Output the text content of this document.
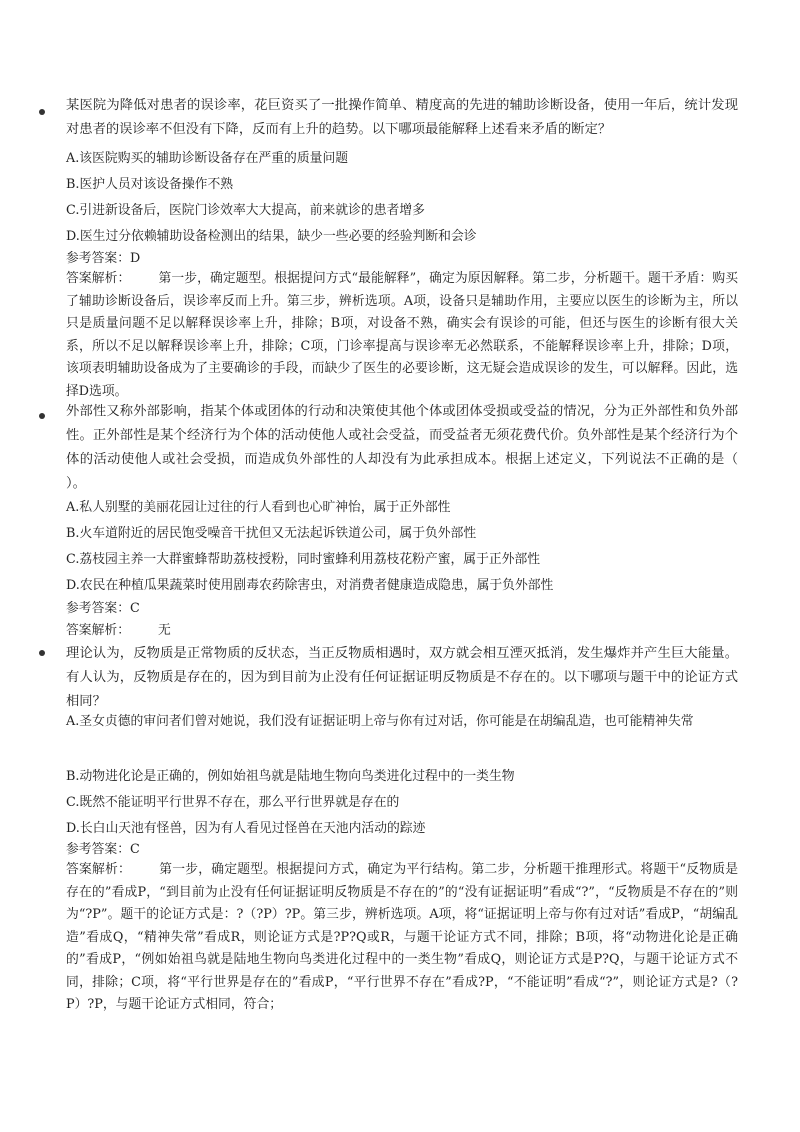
某医院为降低对患者的误诊率，花巨资买了一批操作简单、精度高的先进的辅助诊断设备，使用一年后，统计发现对患者的误诊率不但没有下降，反而有上升的趋势。以下哪项最能解释上述看来矛盾的断定？

A.该医院购买的辅助诊断设备存在严重的质量问题

B.医护人员对该设备操作不熟

C.引进新设备后，医院门诊效率大大提高，前来就诊的患者增多

D.医生过分依赖辅助设备检测出的结果，缺少一些必要的经验判断和会诊

参考答案：D

答案解析： 第一步，确定题型。根据提问方式“最能解释”，确定为原因解释。第二步，分析题干。题干矛盾：购买了辅助诊断设备后，误诊率反而上升。第三步，辨析选项。A项，设备只是辅助作用，主要应以医生的诊断为主，所以只是质量问题不足以解释误诊率上升，排除；B项，对设备不熟，确实会有误诊的可能，但还与医生的诊断有很大关系，所以不足以解释误诊率上升，排除；C项，门诊率提高与误诊率无必然联系，不能解释误诊率上升，排除；D项，该项表明辅助设备成为了主要确诊的手段，而缺少了医生的必要诊断，这无疑会造成误诊的发生，可以解释。因此，选择D选项。

外部性又称外部影响，指某个体或团体的行动和决策使其他个体或团体受损或受益的情况，分为正外部性和负外部性。正外部性是某个经济行为个体的活动使他人或社会受益，而受益者无须花费代价。负外部性是某个经济行为个体的活动使他人或社会受损，而造成负外部性的人却没有为此承担成本。根据上述定义，下列说法不正确的是（ ）。

A.私人别墅的美丽花园让过往的行人看到也心旷神怡，属于正外部性

B.火车道附近的居民饱受噪音干扰但又无法起诉铁道公司，属于负外部性

C.荔枝园主养一大群蜜蜂帮助荔枝授粉，同时蜜蜂利用荔枝花粉产蜜，属于正外部性

D.农民在种植瓜果蔬菜时使用剧毒农药除害虫，对消费者健康造成隐患，属于负外部性

参考答案：C

答案解析： 无

理论认为，反物质是正常物质的反状态，当正反物质相遇时，双方就会相互湮灭抵消，发生爆炸并产生巨大能量。有人认为，反物质是存在的，因为到目前为止没有任何证据证明反物质是不存在的。以下哪项与题干中的论证方式相同？

A.圣女贞德的审问者们曾对她说，我们没有证据证明上帝与你有过对话，你可能是在胡编乱造，也可能精神失常

B.动物进化论是正确的，例如始祖鸟就是陆地生物向鸟类进化过程中的一类生物

C.既然不能证明平行世界不存在，那么平行世界就是存在的

D.长白山天池有怪兽，因为有人看见过怪兽在天池内活动的踪迹

参考答案：C

答案解析： 第一步，确定题型。根据提问方式，确定为平行结构。第二步，分析题干推理形式。将题干“反物质是存在的”看成P，“到目前为止没有任何证据证明反物质是不存在的”的“没有证据证明”看成“?”，“反物质是不存在的”则为“?P”。题干的论证方式是：?（?P）?P。第三步，辨析选项。A项，将“证据证明上帝与你有过对话”看成P，“胡编乱造”看成Q，“精神失常”看成R，则论证方式是?P?Q或R，与题干论证方式不同，排除；B项，将“动物进化论是正确的”看成P，“例如始祖鸟就是陆地生物向鸟类进化过程中的一类生物”看成Q，则论证方式是P?Q，与题干论证方式不同，排除；C项，将“平行世界是存在的”看成P，“平行世界不存在”看成?P，“不能证明”看成“?”，则论证方式是?（?P）?P，与题干论证方式相同，符合；
